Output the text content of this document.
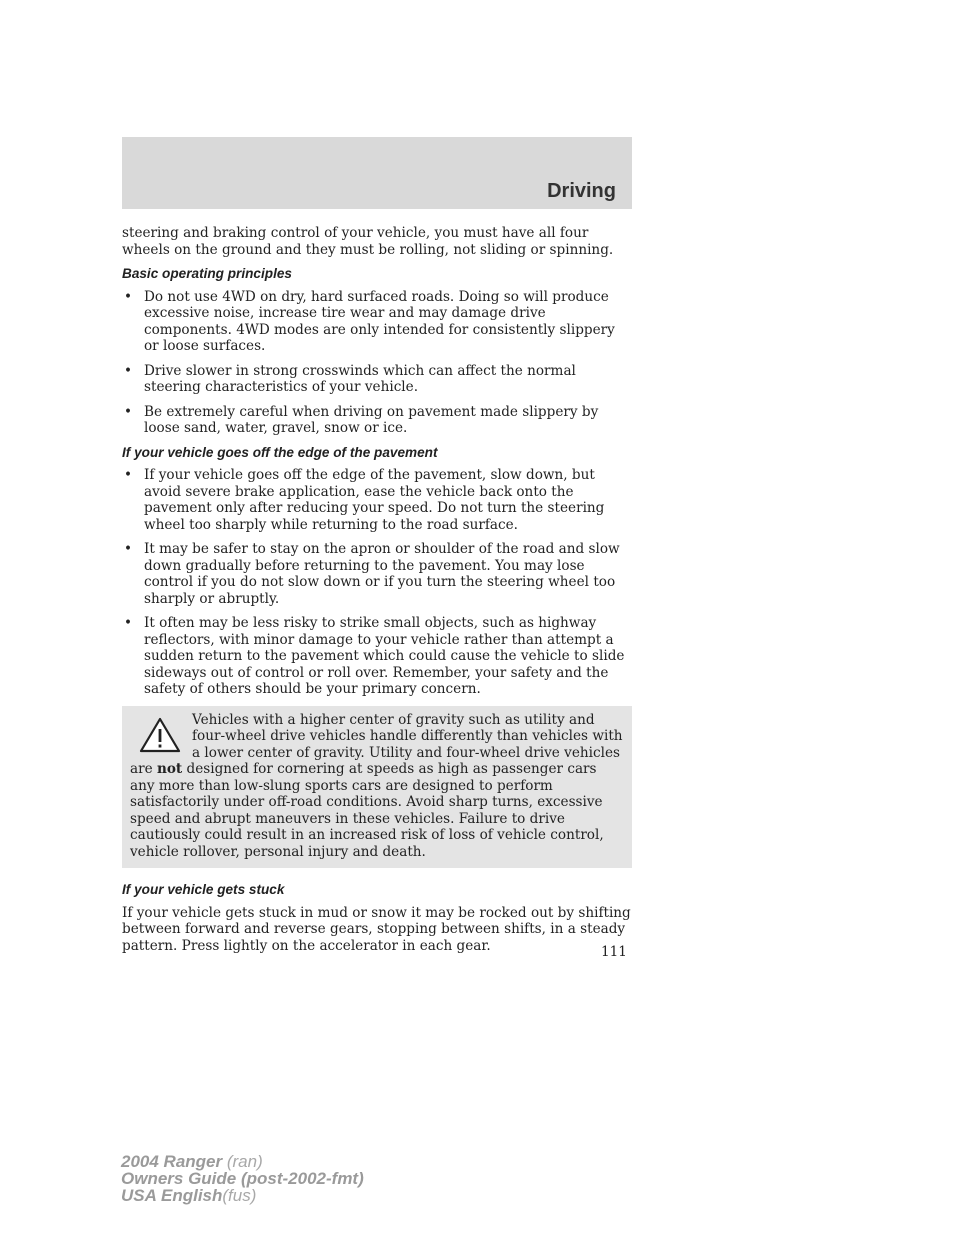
Driving

steering and braking control of your vehicle, you must have all four wheels on the ground and they must be rolling, not sliding or spinning.

Basic operating principles
• Do not use 4WD on dry, hard surfaced roads. Doing so will produce excessive noise, increase tire wear and may damage drive components. 4WD modes are only intended for consistently slippery or loose surfaces.
• Drive slower in strong crosswinds which can affect the normal steering characteristics of your vehicle.
• Be extremely careful when driving on pavement made slippery by loose sand, water, gravel, snow or ice.
If your vehicle goes off the edge of the pavement
• If your vehicle goes off the edge of the pavement, slow down, but avoid severe brake application, ease the vehicle back onto the pavement only after reducing your speed. Do not turn the steering wheel too sharply while returning to the road surface.
• It may be safer to stay on the apron or shoulder of the road and slow down gradually before returning to the pavement. You may lose control if you do not slow down or if you turn the steering wheel too sharply or abruptly.
• It often may be less risky to strike small objects, such as highway reflectors, with minor damage to your vehicle rather than attempt a sudden return to the pavement which could cause the vehicle to slide sideways out of control or roll over. Remember, your safety and the safety of others should be your primary concern.
Vehicles with a higher center of gravity such as utility and four-wheel drive vehicles handle differently than vehicles with a lower center of gravity. Utility and four-wheel drive vehicles are not designed for cornering at speeds as high as passenger cars any more than low-slung sports cars are designed to perform satisfactorily under off-road conditions. Avoid sharp turns, excessive speed and abrupt maneuvers in these vehicles. Failure to drive cautiously could result in an increased risk of loss of vehicle control, vehicle rollover, personal injury and death.
If your vehicle gets stuck

If your vehicle gets stuck in mud or snow it may be rocked out by shifting between forward and reverse gears, stopping between shifts, in a steady pattern. Press lightly on the accelerator in each gear.	111
2004 Ranger (ran)
Owners Guide (post-2002-fmt)
USA English(fus)
